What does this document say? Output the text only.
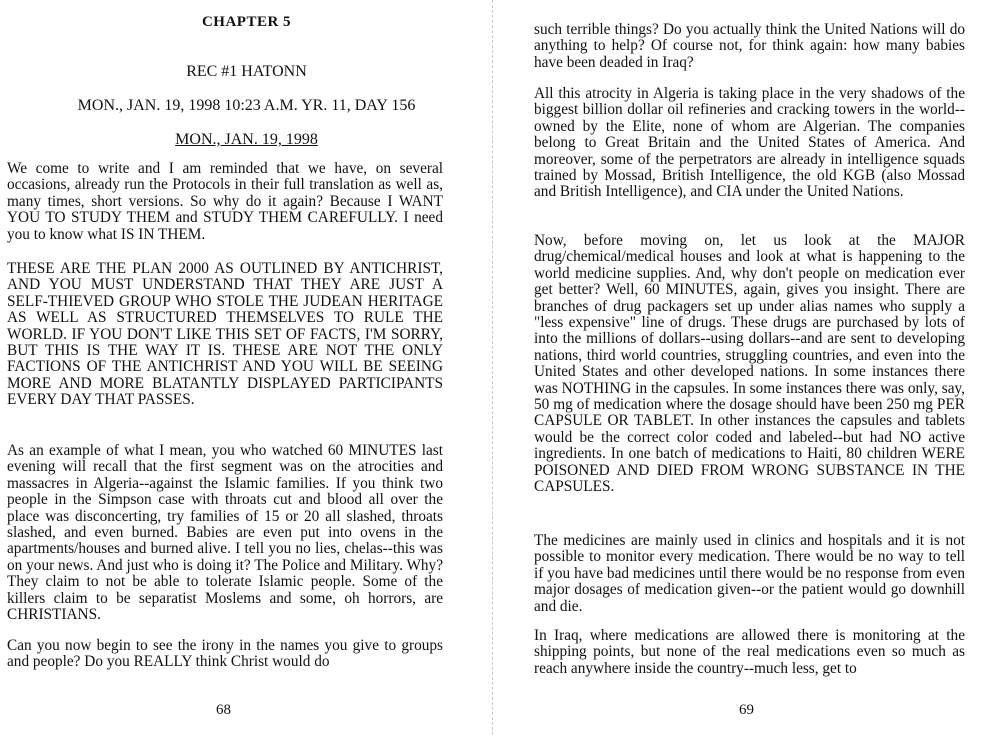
CHAPTER 5
REC #1 HATONN
MON., JAN. 19, 1998 10:23 A.M. YR. 11, DAY 156
MON., JAN. 19, 1998

We come to write and I am reminded that we have, on several occasions, already run the Protocols in their full translation as well as, many times, short versions. So why do it again? Because I WANT YOU TO STUDY THEM and STUDY THEM CAREFULLY. I need you to know what IS IN THEM.

THESE ARE THE PLAN 2000 AS OUTLINED BY ANTICHRIST, AND YOU MUST UNDERSTAND THAT THEY ARE JUST A SELF-THIEVED GROUP WHO STOLE THE JUDEAN HERITAGE AS WELL AS STRUCTURED THEMSELVES TO RULE THE WORLD. IF YOU DON'T LIKE THIS SET OF FACTS, I'M SORRY, BUT THIS IS THE WAY IT IS. THESE ARE NOT THE ONLY FACTIONS OF THE ANTICHRIST AND YOU WILL BE SEEING MORE AND MORE BLATANTLY DISPLAYED PARTICIPANTS EVERY DAY THAT PASSES.

As an example of what I mean, you who watched 60 MINUTES last evening will recall that the first segment was on the atrocities and massacres in Algeria--against the Islamic families. If you think two people in the Simpson case with throats cut and blood all over the place was disconcerting, try families of 15 or 20 all slashed, throats slashed, and even burned. Babies are even put into ovens in the apartments/houses and burned alive. I tell you no lies, chelas--this was on your news. And just who is doing it? The Police and Military. Why? They claim to not be able to tolerate Islamic people. Some of the killers claim to be separatist Moslems and some, oh horrors, are CHRISTIANS.

Can you now begin to see the irony in the names you give to groups and people? Do you REALLY think Christ would do

68

such terrible things? Do you actually think the United Nations will do anything to help? Of course not, for think again: how many babies have been deaded in Iraq?

All this atrocity in Algeria is taking place in the very shadows of the biggest billion dollar oil refineries and cracking towers in the world--owned by the Elite, none of whom are Algerian. The companies belong to Great Britain and the United States of America. And moreover, some of the perpetrators are already in intelligence squads trained by Mossad, British Intelligence, the old KGB (also Mossad and British Intelligence), and CIA under the United Nations.

Now, before moving on, let us look at the MAJOR drug/chemical/medical houses and look at what is happening to the world medicine supplies. And, why don't people on medication ever get better? Well, 60 MINUTES, again, gives you insight. There are branches of drug packagers set up under alias names who supply a "less expensive" line of drugs. These drugs are purchased by lots of into the millions of dollars--using dollars--and are sent to developing nations, third world countries, struggling countries, and even into the United States and other developed nations. In some instances there was NOTHING in the capsules. In some instances there was only, say, 50 mg of medication where the dosage should have been 250 mg PER CAPSULE OR TABLET. In other instances the capsules and tablets would be the correct color coded and labeled--but had NO active ingredients. In one batch of medications to Haiti, 80 children WERE POISONED AND DIED FROM WRONG SUBSTANCE IN THE CAPSULES.

The medicines are mainly used in clinics and hospitals and it is not possible to monitor every medication. There would be no way to tell if you have bad medicines until there would be no response from even major dosages of medication given--or the patient would go downhill and die.

In Iraq, where medications are allowed there is monitoring at the shipping points, but none of the real medications even so much as reach anywhere inside the country--much less, get to

69
